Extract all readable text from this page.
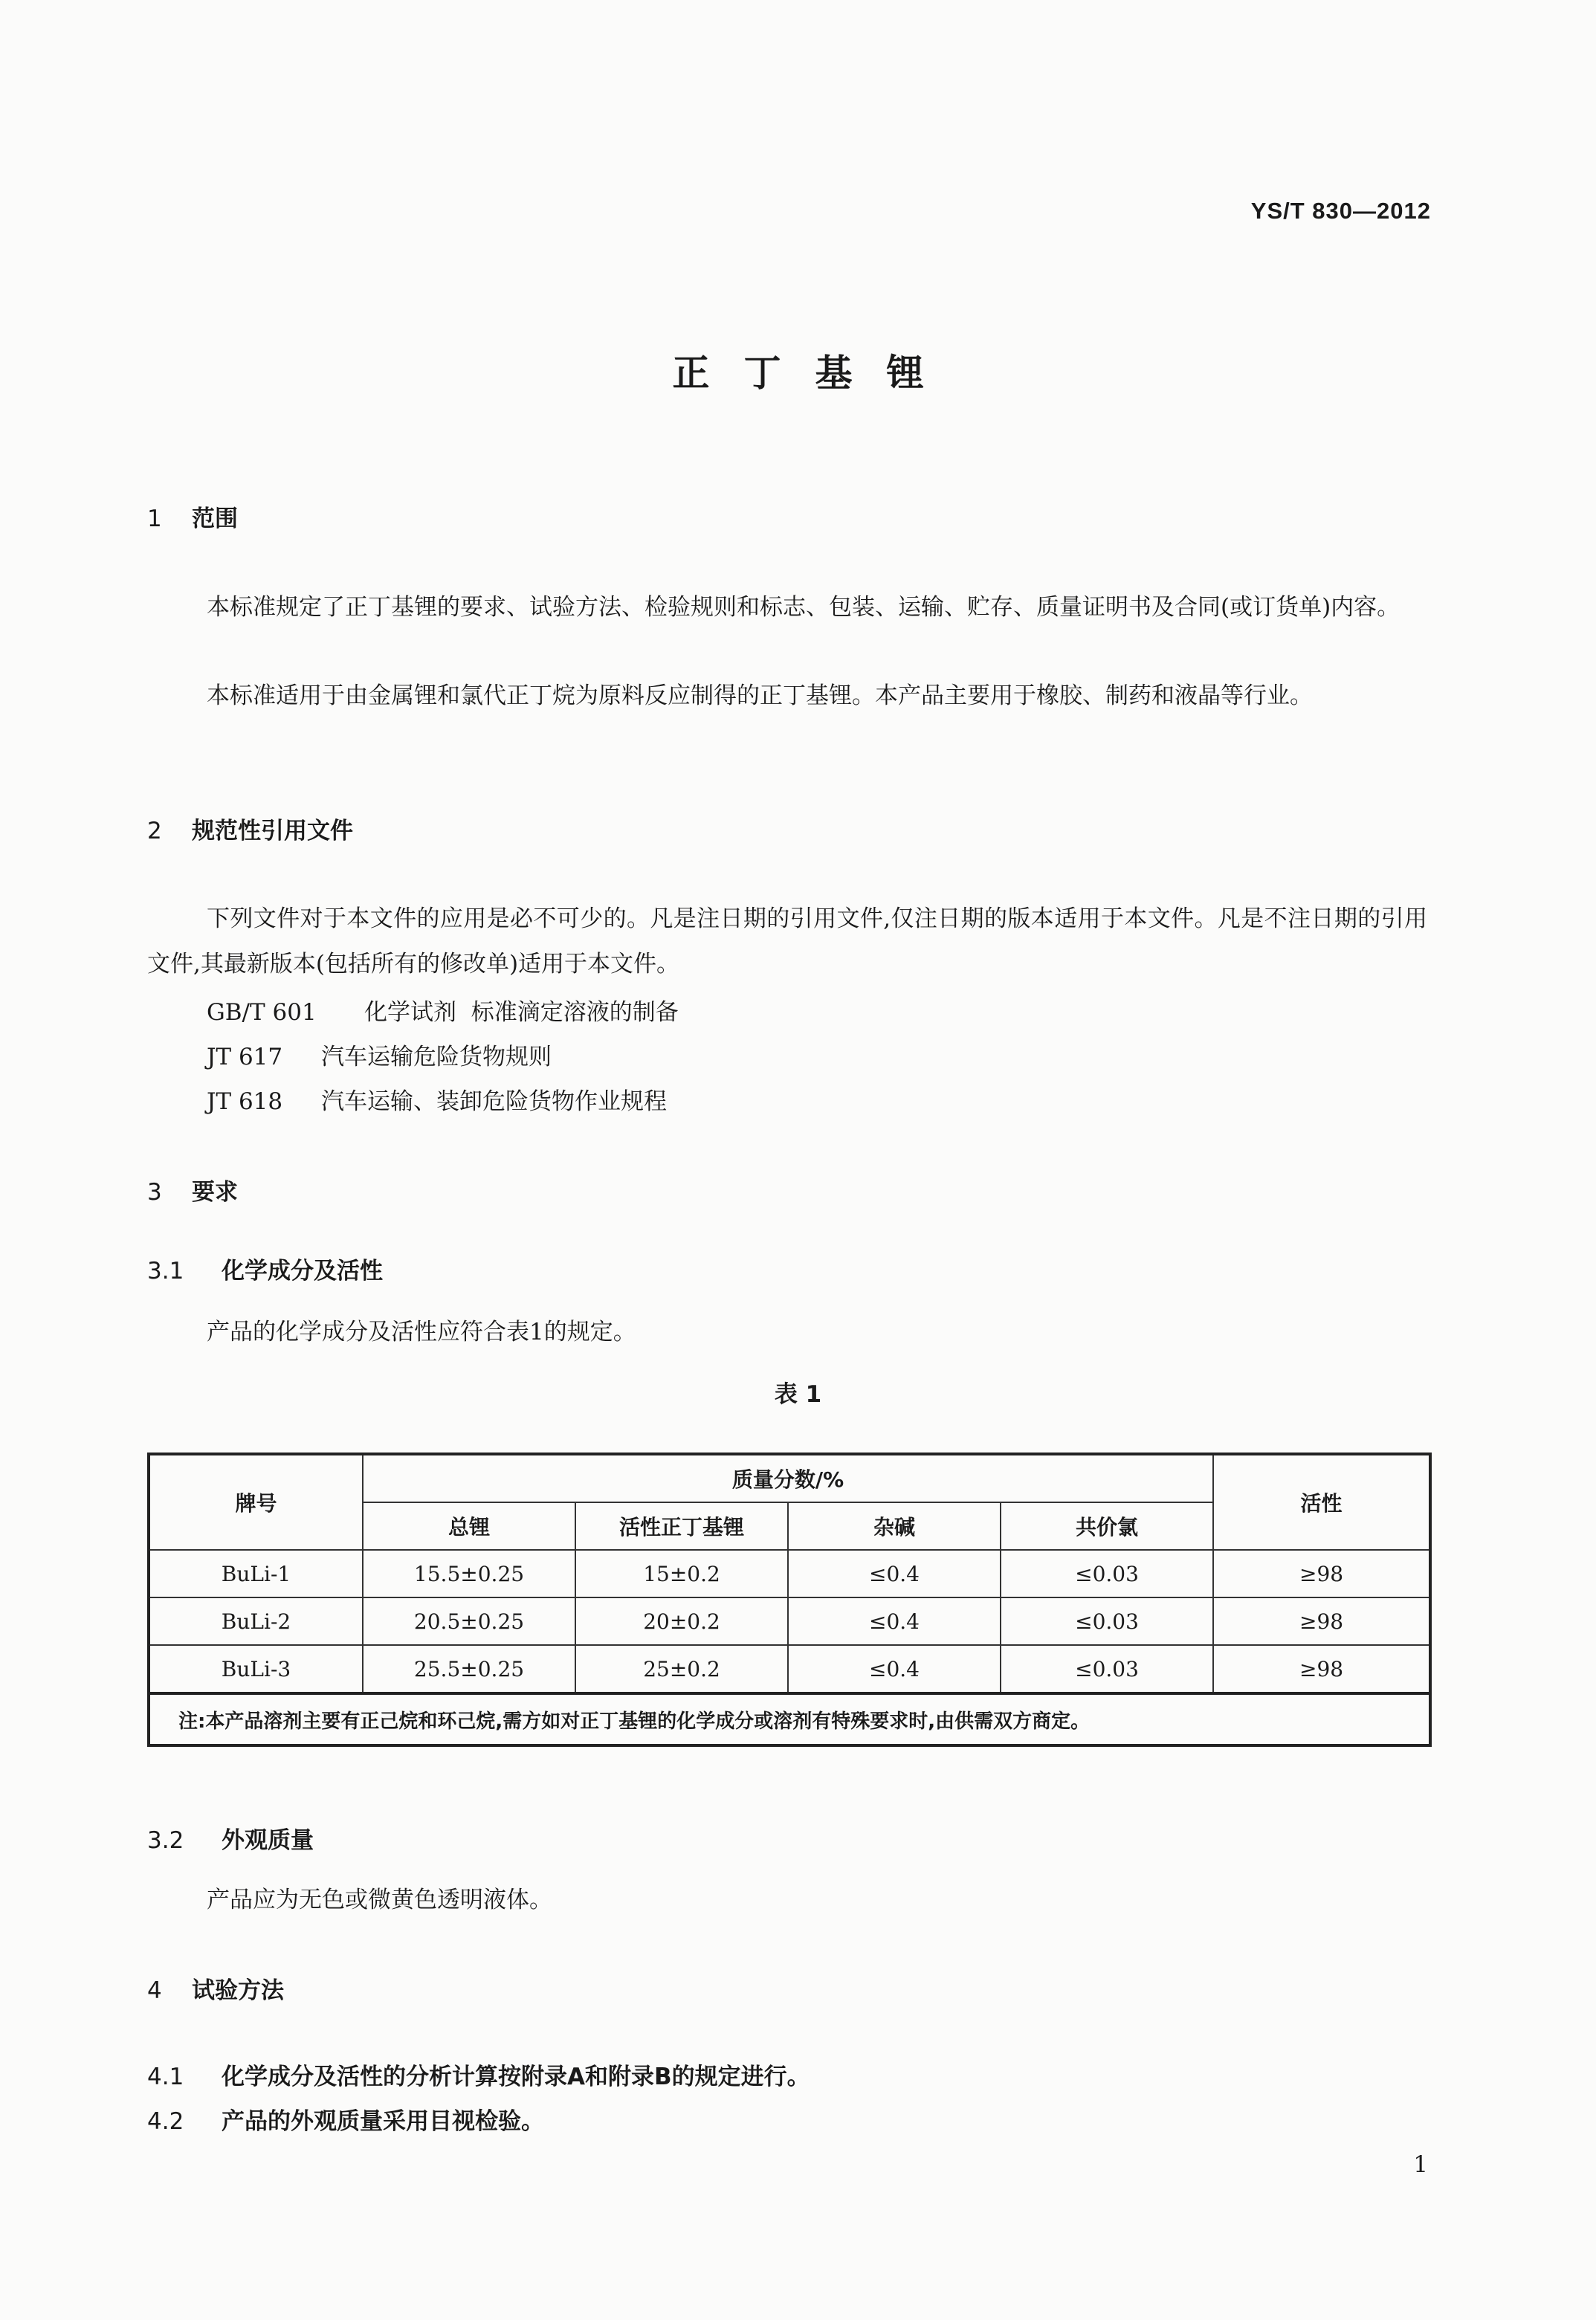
YS/T 830—2012
正丁基锂
1 范围
本标准规定了正丁基锂的要求、试验方法、检验规则和标志、包装、运输、贮存、质量证明书及合同(或订货单)内容。
本标准适用于由金属锂和氯代正丁烷为原料反应制得的正丁基锂。本产品主要用于橡胶、制药和液晶等行业。
2 规范性引用文件
下列文件对于本文件的应用是必不可少的。凡是注日期的引用文件,仅注日期的版本适用于本文件。凡是不注日期的引用文件,其最新版本(包括所有的修改单)适用于本文件。
GB/T 601 化学试剂  标准滴定溶液的制备
JT 617 汽车运输危险货物规则
JT 618 汽车运输、装卸危险货物作业规程
3 要求
3.1 化学成分及活性
产品的化学成分及活性应符合表1的规定。
表 1
牌号	质量分数/%				活性
	总锂	活性正丁基锂	杂碱	共价氯	
BuLi-1	15.5±0.25	15±0.2	≤0.4	≤0.03	≥98
BuLi-2	20.5±0.25	20±0.2	≤0.4	≤0.03	≥98
BuLi-3	25.5±0.25	25±0.2	≤0.4	≤0.03	≥98
注:本产品溶剂主要有正己烷和环己烷,需方如对正丁基锂的化学成分或溶剂有特殊要求时,由供需双方商定。					
3.2 外观质量
产品应为无色或微黄色透明液体。
4 试验方法
4.1 化学成分及活性的分析计算按附录A和附录B的规定进行。
4.2 产品的外观质量采用目视检验。
1
